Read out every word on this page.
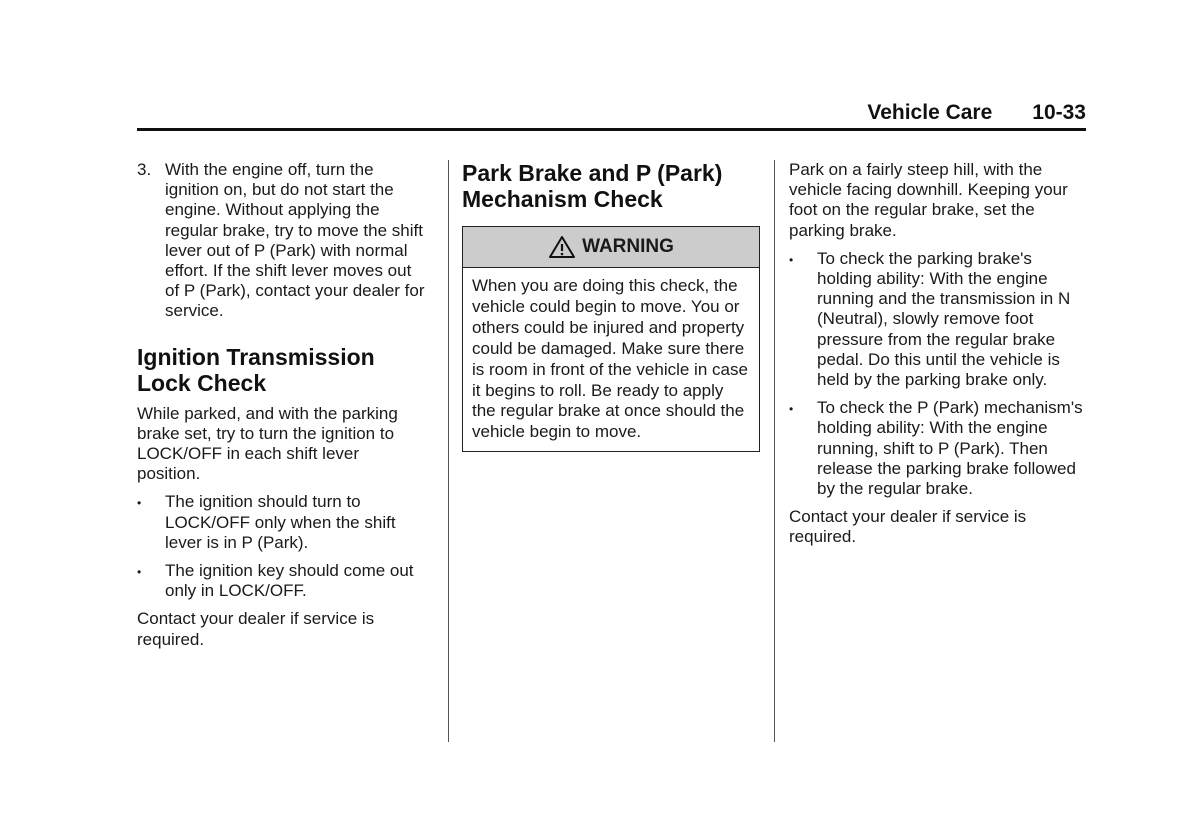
Vehicle Care 10-33
3. With the engine off, turn the ignition on, but do not start the engine. Without applying the regular brake, try to move the shift lever out of P (Park) with normal effort. If the shift lever moves out of P (Park), contact your dealer for service.
Ignition Transmission Lock Check

While parked, and with the parking brake set, try to turn the ignition to LOCK/OFF in each shift lever position.

•	The ignition should turn to LOCK/OFF only when the shift lever is in P (Park).
•	The ignition key should come out only in LOCK/OFF.

Contact your dealer if service is required.

Park Brake and P (Park) Mechanism Check
WARNING
When you are doing this check, the vehicle could begin to move. You or others could be injured and property could be damaged. Make sure there is room in front of the vehicle in case it begins to roll. Be ready to apply the regular brake at once should the vehicle begin to move.

Park on a fairly steep hill, with the vehicle facing downhill. Keeping your foot on the regular brake, set the parking brake.

•	To check the parking brake's holding ability: With the engine running and the transmission in N (Neutral), slowly remove foot pressure from the regular brake pedal. Do this until the vehicle is held by the parking brake only.
•	To check the P (Park) mechanism's holding ability: With the engine running, shift to P (Park). Then release the parking brake followed by the regular brake.

Contact your dealer if service is required.
